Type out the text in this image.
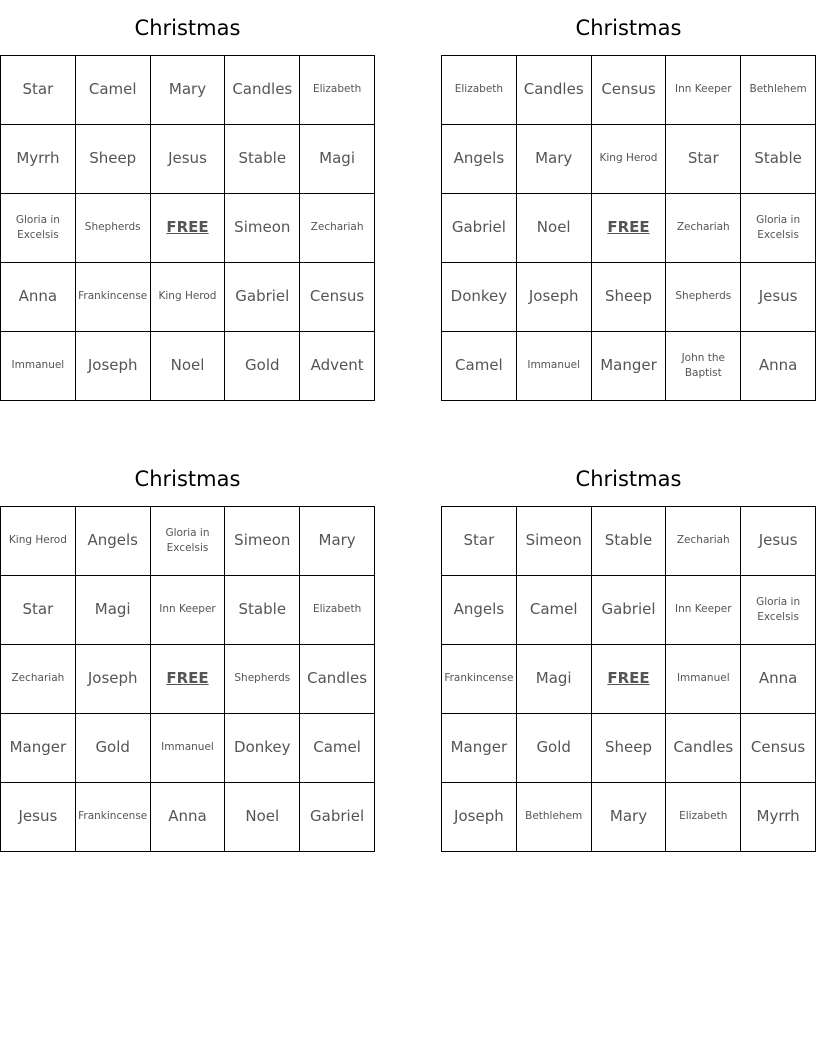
Christmas
Star	Camel	Mary	Candles	Elizabeth
Myrrh	Sheep	Jesus	Stable	Magi
Gloria in Excelsis	Shepherds	FREE	Simeon	Zechariah
Anna	Frankincense	King Herod	Gabriel	Census
Immanuel	Joseph	Noel	Gold	Advent
Christmas
Elizabeth	Candles	Census	Inn Keeper	Bethlehem
Angels	Mary	King Herod	Star	Stable
Gabriel	Noel	FREE	Zechariah	Gloria in Excelsis
Donkey	Joseph	Sheep	Shepherds	Jesus
Camel	Immanuel	Manger	John the Baptist	Anna
Christmas
King Herod	Angels	Gloria in Excelsis	Simeon	Mary
Star	Magi	Inn Keeper	Stable	Elizabeth
Zechariah	Joseph	FREE	Shepherds	Candles
Manger	Gold	Immanuel	Donkey	Camel
Jesus	Frankincense	Anna	Noel	Gabriel
Christmas
Star	Simeon	Stable	Zechariah	Jesus
Angels	Camel	Gabriel	Inn Keeper	Gloria in Excelsis
Frankincense	Magi	FREE	Immanuel	Anna
Manger	Gold	Sheep	Candles	Census
Joseph	Bethlehem	Mary	Elizabeth	Myrrh
